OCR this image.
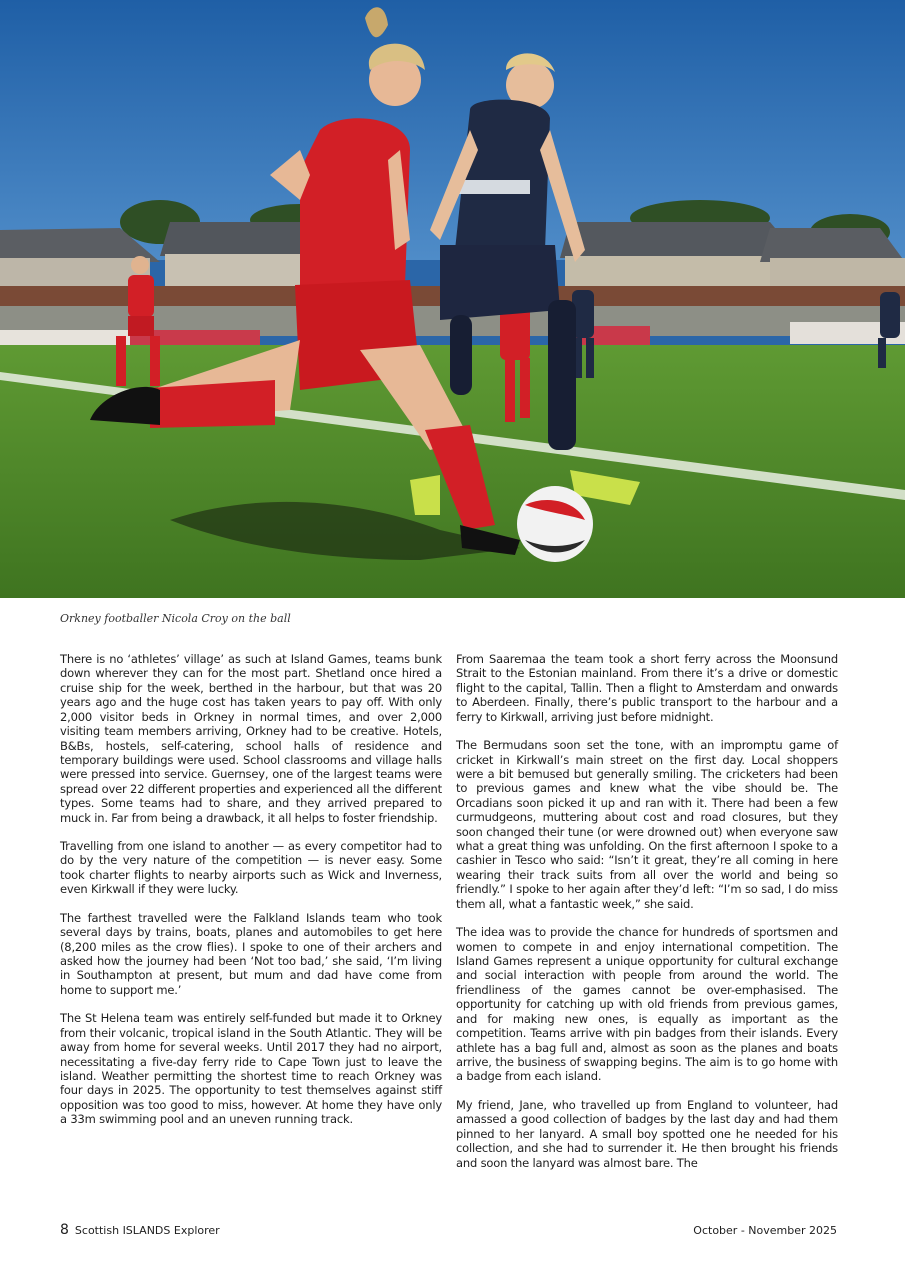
Orkney footballer Nicola Croy on the ball

There is no ‘athletes’ village’ as such at Island Games, teams bunk down wherever they can for the most part. Shetland once hired a cruise ship for the week, berthed in the harbour, but that was 20 years ago and the huge cost has taken years to pay off. With only 2,000 visitor beds in Orkney in normal times, and over 2,000 visiting team members arriving, Orkney had to be creative. Hotels, B&Bs, hostels, self-catering, school halls of residence and temporary buildings were used. School classrooms and village halls were pressed into service. Guernsey, one of the largest teams were spread over 22 different properties and experienced all the different types. Some teams had to share, and they arrived prepared to muck in. Far from being a drawback, it all helps to foster friendship.

Travelling from one island to another — as every competitor had to do by the very nature of the competition — is never easy. Some took charter flights to nearby airports such as Wick and Inverness, even Kirkwall if they were lucky.

The farthest travelled were the Falkland Islands team who took several days by trains, boats, planes and automobiles to get here (8,200 miles as the crow flies). I spoke to one of their archers and asked how the journey had been ‘Not too bad,’ she said, ‘I’m living in Southampton at present, but mum and dad have come from home to support me.’

The St Helena team was entirely self-funded but made it to Orkney from their volcanic, tropical island in the South Atlantic. They will be away from home for several weeks. Until 2017 they had no airport, necessitating a five-day ferry ride to Cape Town just to leave the island. Weather permitting the shortest time to reach Orkney was four days in 2025. The opportunity to test themselves against stiff opposition was too good to miss, however. At home they have only a 33m swimming pool and an uneven running track.

From Saaremaa the team took a short ferry across the Moonsund Strait to the Estonian mainland. From there it’s a drive or domestic flight to the capital, Tallin. Then a flight to Amsterdam and onwards to Aberdeen. Finally, there’s public transport to the harbour and a ferry to Kirkwall, arriving just before midnight.

The Bermudans soon set the tone, with an impromptu game of cricket in Kirkwall’s main street on the first day. Local shoppers were a bit bemused but generally smiling. The cricketers had been to previous games and knew what the vibe should be. The Orcadians soon picked it up and ran with it. There had been a few curmudgeons, muttering about cost and road closures, but they soon changed their tune (or were drowned out) when everyone saw what a great thing was unfolding. On the first afternoon I spoke to a cashier in Tesco who said: “Isn’t it great, they’re all coming in here wearing their track suits from all over the world and being so friendly.” I spoke to her again after they’d left: “I’m so sad, I do miss them all, what a fantastic week,” she said.

The idea was to provide the chance for hundreds of sportsmen and women to compete in and enjoy international competition. The Island Games represent a unique opportunity for cultural exchange and social interaction with people from around the world. The friendliness of the games cannot be over-emphasised. The opportunity for catching up with old friends from previous games, and for making new ones, is equally as important as the competition. Teams arrive with pin badges from their islands. Every athlete has a bag full and, almost as soon as the planes and boats arrive, the business of swapping begins. The aim is to go home with a badge from each island.

My friend, Jane, who travelled up from England to volunteer, had amassed a good collection of badges by the last day and had them pinned to her lanyard. A small boy spotted one he needed for his collection, and she had to surrender it. He then brought his friends and soon the lanyard was almost bare. The

8 Scottish ISLANDS Explorer	October - November 2025
